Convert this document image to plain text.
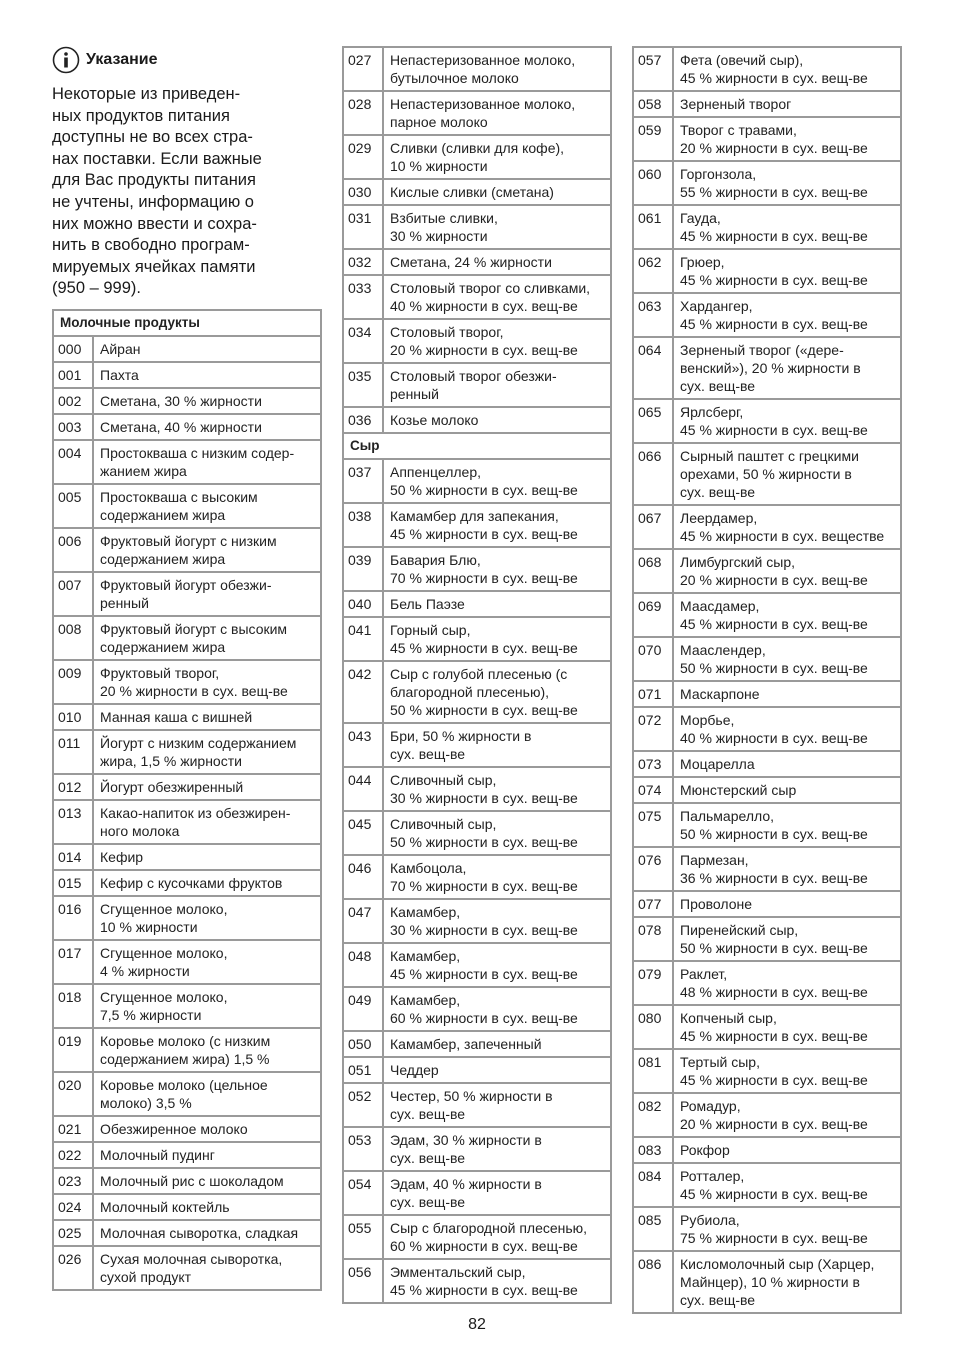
Указание
Некоторые из приведен-
ных продуктов питания
доступны не во всех стра-
нах поставки. Если важные
для Вас продукты питания
не учтены, информацию о
них можно ввести и сохра-
нить в свободно програм-
мируемых ячейках памяти
(950 – 999).
Молочные продукты	
000	Айран

001	Пахта

002	Сметана, 30 % жирности

003	Сметана, 40 % жирности

004	Простокваша с низким содер-
жанием жира

005	Простокваша с высоким
содержанием жира

006	Фруктовый йогурт с низким
содержанием жира

007	Фруктовый йогурт обезжи-
ренный

008	Фруктовый йогурт с высоким
содержанием жира

009	Фруктовый творог,
20 % жирности в сух. вещ-ве

010	Манная каша с вишней

011	Йогурт с низким содержанием
жира, 1,5 % жирности

012	Йогурт обезжиренный

013	Какао-напиток из обезжирен-
ного молока

014	Кефир

015	Кефир с кусочками фруктов

016	Сгущенное молоко,
10 % жирности

017	Сгущенное молоко,
4 % жирности

018	Сгущенное молоко,
7,5 % жирности

019	Коровье молоко (с низким
содержанием жира) 1,5 %

020	Коровье молоко (цельное
молоко) 3,5 %

021	Обезжиренное молоко

022	Молочный пудинг

023	Молочный рис с шоколадом

024	Молочный коктейль

025	Молочная сыворотка, сладкая

026	Сухая молочная сыворотка,
сухой продукт
027	Непастеризованное молоко,
бутылочное молоко

028	Непастеризованное молоко,
парное молоко

029	Сливки (сливки для кофе),
10 % жирности

030	Кислые сливки (сметана)

031	Взбитые сливки,
30 % жирности

032	Сметана, 24 % жирности

033	Столовый творог со сливками,
40 % жирности в сух. вещ-ве

034	Столовый творог,
20 % жирности в сух. вещ-ве

035	Столовый творог обезжи-
ренный

036	Козье молоко

Сыр	
037	Аппенцеллер,
50 % жирности в сух. вещ-ве

038	Камамбер для запекания,
45 % жирности в сух. вещ-ве

039	Бавария Блю,
70 % жирности в сух. вещ-ве

040	Бель Паэзе

041	Горный сыр,
45 % жирности в сух. вещ-ве

042	Сыр с голубой плесенью (с
благородной плесенью),
50 % жирности в сух. вещ-ве

043	Бри, 50 % жирности в
сух. вещ-ве

044	Сливочный сыр,
30 % жирности в сух. вещ-ве

045	Сливочный сыр,
50 % жирности в сух. вещ-ве

046	Камбоцола,
70 % жирности в сух. вещ-ве

047	Камамбер,
30 % жирности в сух. вещ-ве

048	Камамбер,
45 % жирности в сух. вещ-ве

049	Камамбер,
60 % жирности в сух. вещ-ве

050	Камамбер, запеченный

051	Чеддер

052	Честер, 50 % жирности в
сух. вещ-ве

053	Эдам, 30 % жирности в
сух. вещ-ве

054	Эдам, 40 % жирности в
сух. вещ-ве

055	Сыр с благородной плесенью,
60 % жирности в сух. вещ-ве

056	Эмментальский сыр,
45 % жирности в сух. вещ-ве
057	Фета (овечий сыр),
45 % жирности в сух. вещ-ве

058	Зерненый творог

059	Творог с травами,
20 % жирности в сух. вещ-ве

060	Горгонзола,
55 % жирности в сух. вещ-ве

061	Гауда,
45 % жирности в сух. вещ-ве

062	Грюер,
45 % жирности в сух. вещ-ве

063	Хардангер,
45 % жирности в сух. вещ-ве

064	Зерненый творог («дере-
венский»), 20 % жирности в
сух. вещ-ве

065	Ярлсберг,
45 % жирности в сух. вещ-ве

066	Сырный паштет с грецкими
орехами, 50 % жирности в
сух. вещ-ве

067	Леердамер,
45 % жирности в сух. веществе

068	Лимбургский сыр,
20 % жирности в сух. вещ-ве

069	Маасдамер,
45 % жирности в сух. вещ-ве

070	Мааслендер,
50 % жирности в сух. вещ-ве

071	Маскарпоне

072	Морбье,
40 % жирности в сух. вещ-ве

073	Моцарелла

074	Мюнстерский сыр

075	Пальмарелло,
50 % жирности в сух. вещ-ве

076	Пармезан,
36 % жирности в сух. вещ-ве

077	Проволоне

078	Пиренейский сыр,
50 % жирности в сух. вещ-ве

079	Раклет,
48 % жирности в сух. вещ-ве

080	Копченый сыр,
45 % жирности в сух. вещ-ве

081	Тертый сыр,
45 % жирности в сух. вещ-ве

082	Ромадур,
20 % жирности в сух. вещ-ве

083	Рокфор

084	Ротталер,
45 % жирности в сух. вещ-ве

085	Рубиола,
75 % жирности в сух. вещ-ве

086	Кисломолочный сыр (Харцер,
Майнцер), 10 % жирности в
сух. вещ-ве
82
